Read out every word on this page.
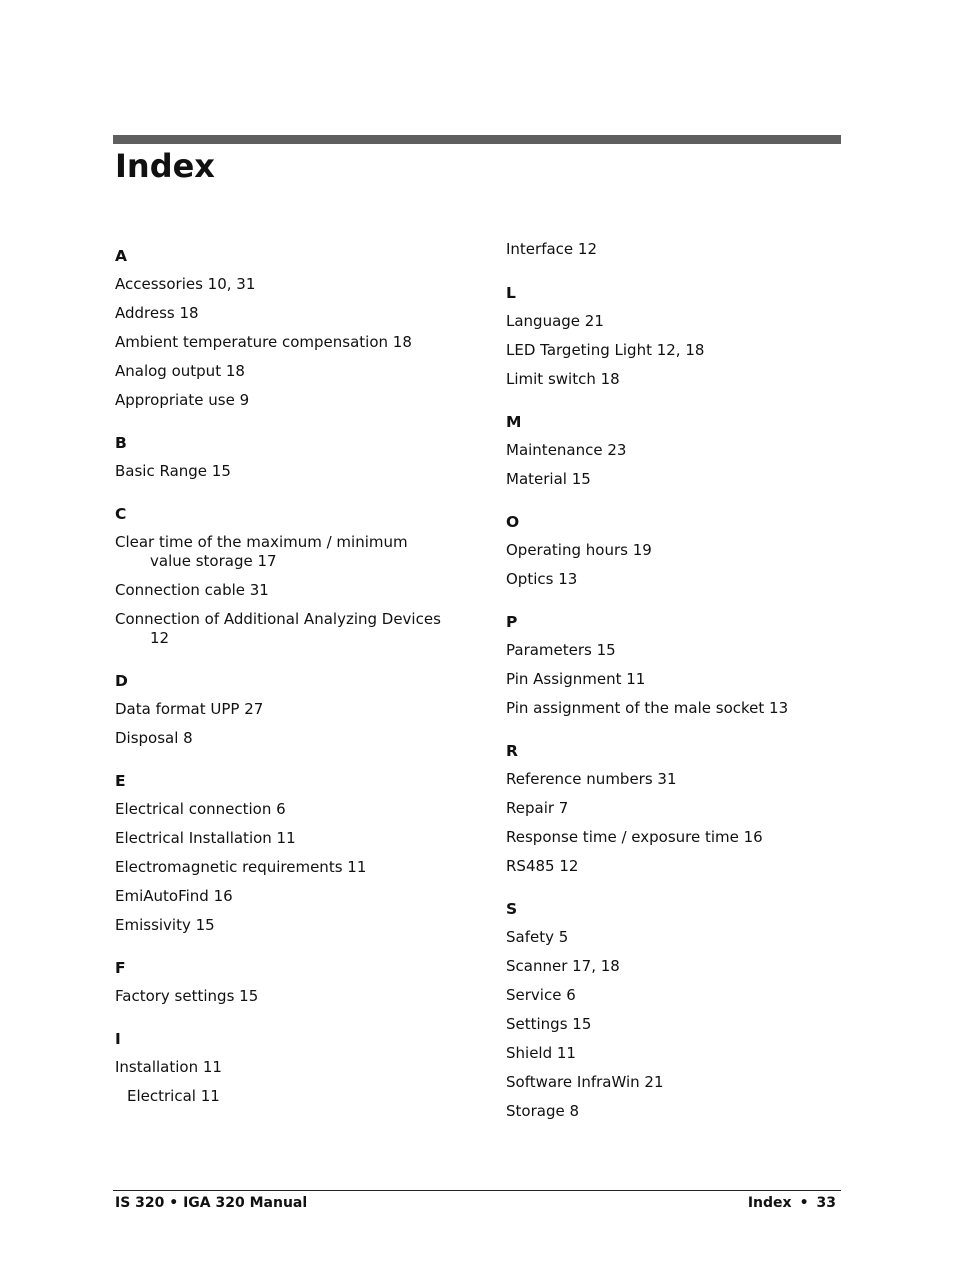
Index
A
Accessories 10, 31
Address 18
Ambient temperature compensation 18
Analog output 18
Appropriate use 9
B
Basic Range 15
C
Clear time of the maximum / minimum
value storage 17
Connection cable 31
Connection of Additional Analyzing Devices
12
D
Data format UPP 27
Disposal 8
E
Electrical connection 6
Electrical Installation 11
Electromagnetic requirements 11
EmiAutoFind 16
Emissivity 15
F
Factory settings 15
I
Installation 11
Electrical 11
Interface 12
L
Language 21
LED Targeting Light 12, 18
Limit switch 18
M
Maintenance 23
Material 15
O
Operating hours 19
Optics 13
P
Parameters 15
Pin Assignment 11
Pin assignment of the male socket 13
R
Reference numbers 31
Repair 7
Response time / exposure time 16
RS485 12
S
Safety 5
Scanner 17, 18
Service 6
Settings 15
Shield 11
Software InfraWin 21
Storage 8
IS 320 • IGA 320 Manual	Index • 33
